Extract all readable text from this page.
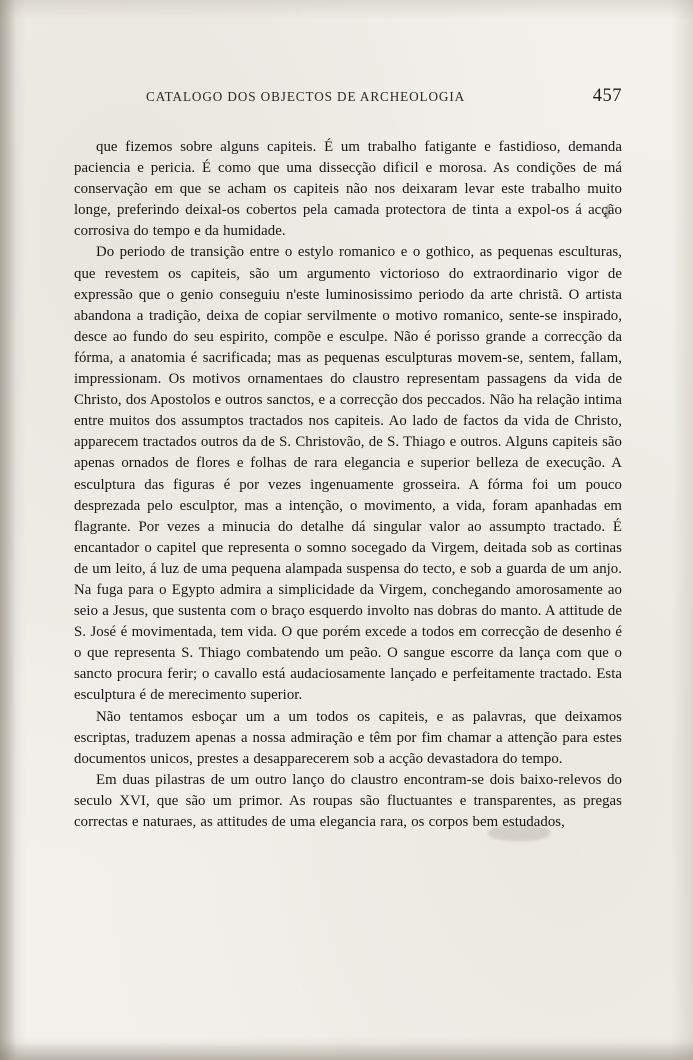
CATALOGO DOS OBJECTOS DE ARCHEOLOGIA	457

que fizemos sobre alguns capiteis. É um trabalho fatigante e fastidioso, demanda paciencia e pericia. É como que uma dissecção dificil e morosa. As condições de má conservação em que se acham os capiteis não nos deixaram levar este trabalho muito longe, preferindo deixal-os cobertos pela camada protectora de tinta a expol-os á acção corrosiva do tempo e da humidade.

Do periodo de transição entre o estylo romanico e o gothico, as pequenas esculturas, que revestem os capiteis, são um argumento victorioso do extraordinario vigor de expressão que o genio conseguiu n'este luminosissimo periodo da arte christã. O artista abandona a tradição, deixa de copiar servilmente o motivo romanico, sente-se inspirado, desce ao fundo do seu espirito, compõe e esculpe. Não é porisso grande a correcção da fórma, a anatomia é sacrificada; mas as pequenas esculpturas movem-se, sentem, fallam, impressionam. Os motivos ornamentaes do claustro representam passagens da vida de Christo, dos Apostolos e outros sanctos, e a correcção dos peccados. Não ha relação intima entre muitos dos assumptos tractados nos capiteis. Ao lado de factos da vida de Christo, apparecem tractados outros da de S. Christovão, de S. Thiago e outros. Alguns capiteis são apenas ornados de flores e folhas de rara elegancia e superior belleza de execução. A esculptura das figuras é por vezes ingenuamente grosseira. A fórma foi um pouco desprezada pelo esculptor, mas a intenção, o movimento, a vida, foram apanhadas em flagrante. Por vezes a minucia do detalhe dá singular valor ao assumpto tractado. É encantador o capitel que representa o somno socegado da Virgem, deitada sob as cortinas de um leito, á luz de uma pequena alampada suspensa do tecto, e sob a guarda de um anjo. Na fuga para o Egypto admira a simplicidade da Virgem, conchegando amorosamente ao seio a Jesus, que sustenta com o braço esquerdo involto nas dobras do manto. A attitude de S. José é movimentada, tem vida. O que porém excede a todos em correcção de desenho é o que representa S. Thiago combatendo um peão. O sangue escorre da lança com que o sancto procura ferir; o cavallo está audaciosamente lançado e perfeitamente tractado. Esta esculptura é de merecimento superior.

Não tentamos esboçar um a um todos os capiteis, e as palavras, que deixamos escriptas, traduzem apenas a nossa admiração e têm por fim chamar a attenção para estes documentos unicos, prestes a desapparecerem sob a acção devastadora do tempo.

Em duas pilastras de um outro lanço do claustro encontram-se dois baixo-relevos do seculo XVI, que são um primor. As roupas são fluctuantes e transparentes, as pregas correctas e naturaes, as attitudes de uma elegancia rara, os corpos bem estudados,
